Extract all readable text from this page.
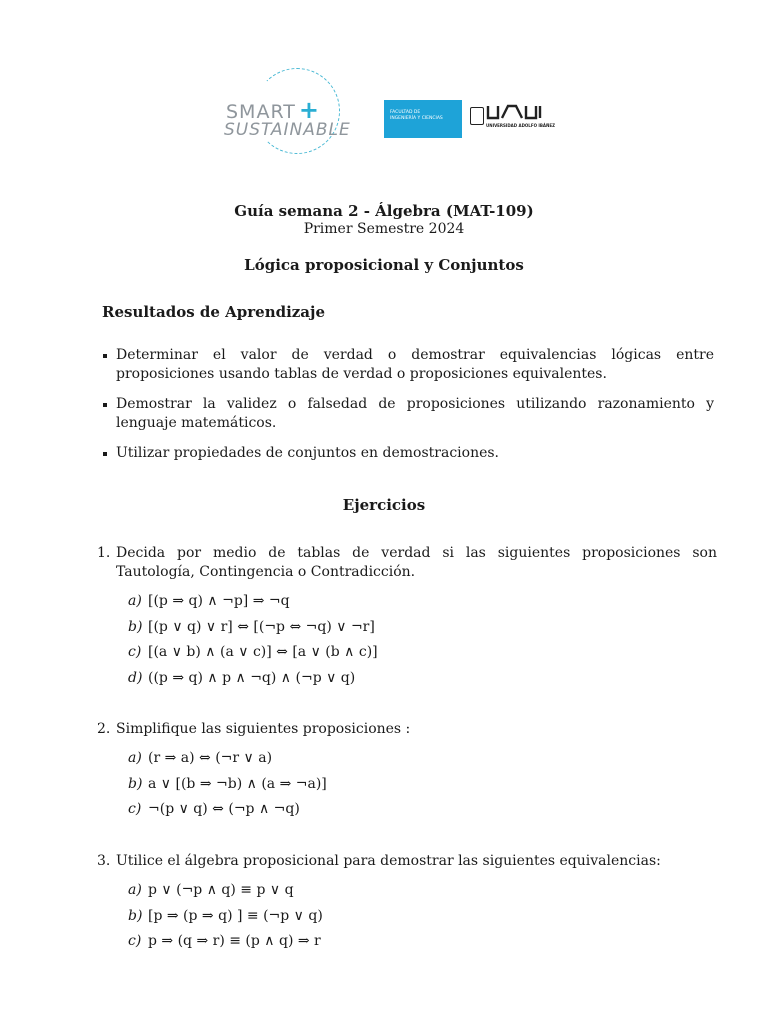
SMART +
SUSTAINABLE
FACULTAD DE
INGENIERÍA Y CIENCIAS
UNIVERSIDAD ADOLFO IBÁÑEZ
Guía semana 2 - Álgebra (MAT-109)
Primer Semestre 2024
Lógica proposicional y Conjuntos
Resultados de Aprendizaje
Determinar el valor de verdad o demostrar equivalencias lógicas entre proposiciones usando tablas de verdad o proposiciones equivalentes.
Demostrar la validez o falsedad de proposiciones utilizando razonamiento y lenguaje matemáticos.
Utilizar propiedades de conjuntos en demostraciones.
Ejercicios
1. Decida por medio de tablas de verdad si las siguientes proposiciones son Tautología, Contingencia o Contradicción.
a) [(p ⇒ q) ∧ ¬p] ⇒ ¬q
b) [(p ∨ q) ∨ r] ⇔ [(¬p ⇔ ¬q) ∨ ¬r]
c) [(a ∨ b) ∧ (a ∨ c)] ⇔ [a ∨ (b ∧ c)]
d) ((p ⇒ q) ∧ p ∧ ¬q) ∧ (¬p ∨ q)
2. Simplifique las siguientes proposiciones :
a) (r ⇒ a) ⇔ (¬r ∨ a)
b) a ∨ [(b ⇒ ¬b) ∧ (a ⇒ ¬a)]
c) ¬(p ∨ q) ⇔ (¬p ∧ ¬q)
3. Utilice el álgebra proposicional para demostrar las siguientes equivalencias:
a) p ∨ (¬p ∧ q) ≡ p ∨ q
b) [p ⇒ (p ⇒ q) ] ≡ (¬p ∨ q)
c) p ⇒ (q ⇒ r) ≡ (p ∧ q) ⇒ r
